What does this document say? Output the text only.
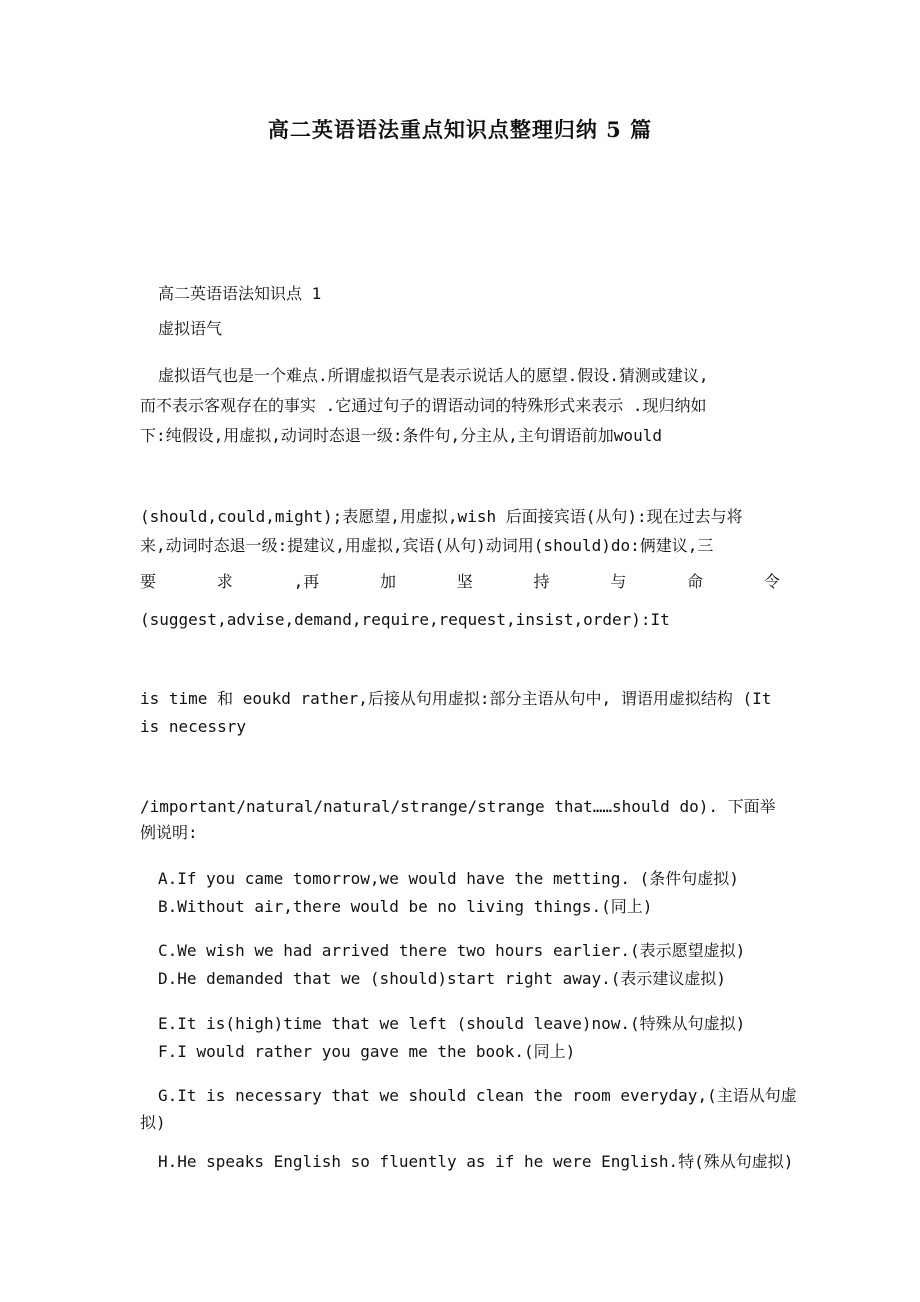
高二英语语法重点知识点整理归纳 5 篇

高二英语语法知识点 1

虚拟语气

虚拟语气也是一个难点.所谓虚拟语气是表示说话人的愿望.假设.猜测或建议,

而不表示客观存在的事实 .它通过句子的谓语动词的特殊形式来表示 .现归纳如

下:纯假设,用虚拟,动词时态退一级:条件句,分主从,主句谓语前加would

(should,could,might);表愿望,用虚拟,wish 后面接宾语(从句):现在过去与将

来,动词时态退一级:提建议,用虚拟,宾语(从句)动词用(should)do:俩建议,三

要	求	,再	加	坚	持	与	命	令

(suggest,advise,demand,require,request,insist,order):It

is time 和 eoukd rather,后接从句用虚拟:部分主语从句中, 谓语用虚拟结构 (It

is necessry

/important/natural/natural/strange/strange that……should do). 下面举

例说明:

A.If you came tomorrow,we would have the metting. (条件句虚拟)

B.Without air,there would be no living things.(同上)

C.We wish we had arrived there two hours earlier.(表示愿望虚拟)

D.He demanded that we (should)start right away.(表示建议虚拟)

E.It is(high)time that we left (should leave)now.(特殊从句虚拟)

F.I would rather you gave me the book.(同上)

G.It is necessary that we should clean the room everyday,(主语从句虚

拟)

H.He speaks English so fluently as if he were English.特(殊从句虚拟)
